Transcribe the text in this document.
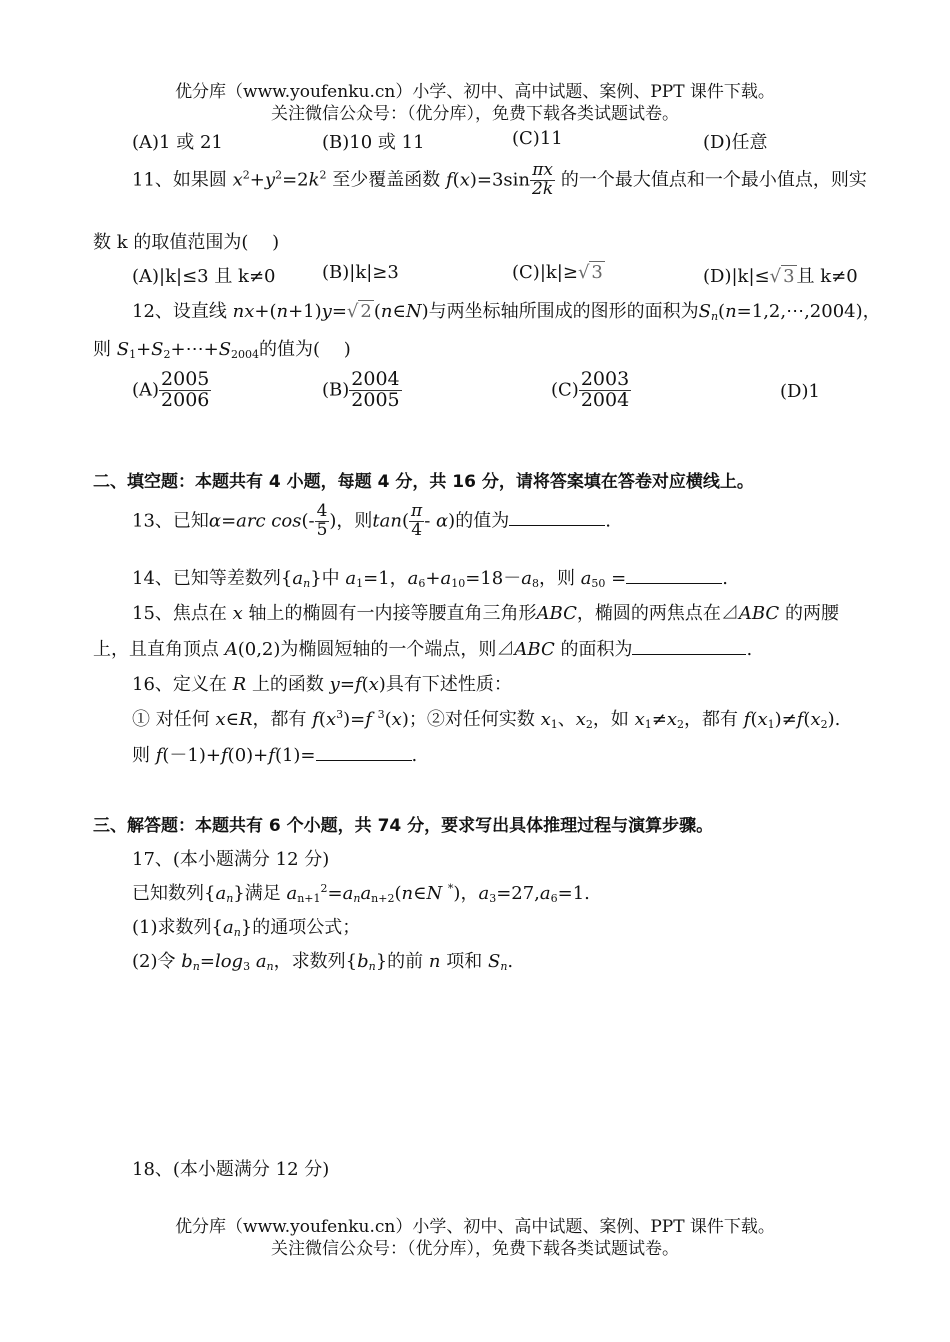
优分库（www.youfenku.cn）小学、初中、高中试题、案例、PPT 课件下载。
关注微信公众号：（优分库），免费下载各类试题试卷。
(A)1 或 21	(B)10 或 11	(C)11	(D)任意
11、如果圆 $x^2+y^2=2k^2$ 至少覆盖函数 $f(x)=3\sin \frac{\pi x}{2k}$ 的一个最大值点和一个最小值点，则实
数 k 的取值范围为(　 )
(A)|k|≤3 且 k≠0	(B)|k|≥3	(C)|k|≥√ 3	(D)|k|≤√ 3 且 k≠0
12、设直线 nx+(n+1)y=√ 2 (n∈N)与两坐标轴所围成的图形的面积为$S_n(n=1,2,\cdots,2004)$，
则 $S_1+S_2+\cdots+S_{2004}$的值为(　 )
$(A) \frac{2005}{2006}$	$(B) \frac{2004}{2005}$	$(C) \frac{2003}{2004}$	(D)1
二、填空题：本题共有 4 小题，每题 4 分，共 16 分，请将答案填在答卷对应横线上。
13、已知α=arc $\cos(- \frac{4}{5}$ )，则$\tan( \frac{\pi}{4} - \alpha)$的值为	.
14、已知等差数列$\{a_n\}$中 $a_1=1$，$a_6+a_{10}=18-a_8$，则 $a_{50}$ =	.
15、焦点在 x 轴上的椭圆有一内接等腰直角三角形ABC，椭圆的两焦点在⊿ABC 的两腰
上，且直角顶点 A(0,2)为椭圆短轴的一个端点，则⊿ABC 的面积为	.
16、定义在 R 上的函数 y=f(x)具有下述性质：
① 对任何 x∈R，都有 $f(x^3)=f$ $^3$(x)；②对任何实数 $x_1$、$x_2$，如 $x_1\ne x_2$，都有 $f(x_1)\ne f(x_2)$.
则 f(－1)+f(0)+f(1)=	.
三、解答题：本题共有 6 个小题，共 74 分，要求写出具体推理过程与演算步骤。
17、(本小题满分 12 分)
已知数列$\{a_n\}$满足 $a_{n+1}^2=a_na_{n+2}(n\in N$ *)，$a_3=27,a_6=1$.
(1)求数列$\{a_n\}$的通项公式；
(2)令 $b_n=\log_3$ $a_n$，求数列$\{b_n\}$的前 n 项和 $S_n$.
18、(本小题满分 12 分)
优分库（www.youfenku.cn）小学、初中、高中试题、案例、PPT 课件下载。
关注微信公众号：（优分库），免费下载各类试题试卷。
